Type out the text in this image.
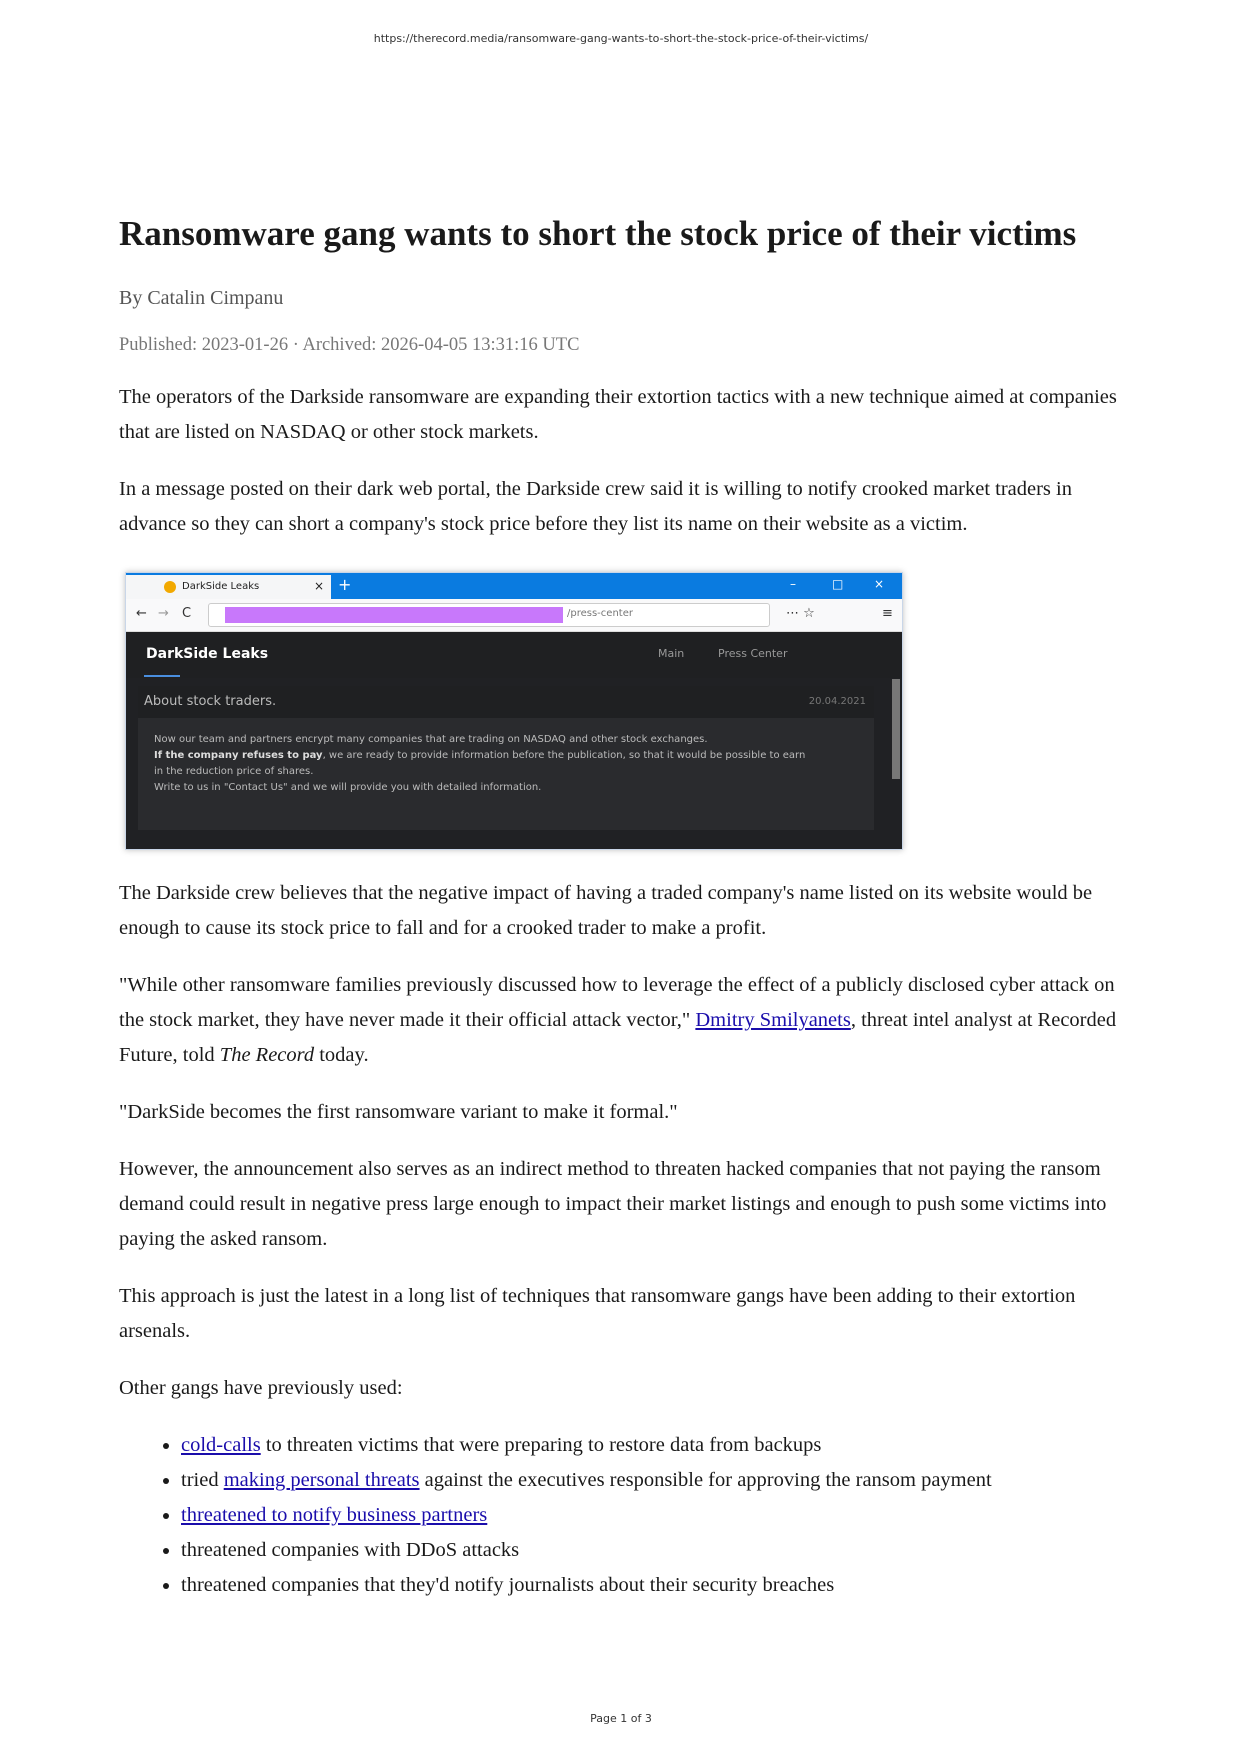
https://therecord.media/ransomware-gang-wants-to-short-the-stock-price-of-their-victims/
Ransomware gang wants to short the stock price of their victims
By Catalin Cimpanu
Published: 2023-01-26 · Archived: 2026-04-05 13:31:16 UTC

The operators of the Darkside ransomware are expanding their extortion tactics with a new technique aimed at companies that are listed on NASDAQ or other stock markets.

In a message posted on their dark web portal, the Darkside crew said it is willing to notify crooked market traders in advance so they can short a company's stock price before they list its name on their website as a victim.

DarkSide Leaks	× +	–	□	×
← → C	/press-center	⋯ ☆	≡
DarkSide Leaks	Main	Press Center
About stock traders.	20.04.2021
Now our team and partners encrypt many companies that are trading on NASDAQ and other stock exchanges.
If the company refuses to pay, we are ready to provide information before the publication, so that it would be possible to earn
in the reduction price of shares.
Write to us in "Contact Us" and we will provide you with detailed information.

The Darkside crew believes that the negative impact of having a traded company's name listed on its website would be enough to cause its stock price to fall and for a crooked trader to make a profit.

"While other ransomware families previously discussed how to leverage the effect of a publicly disclosed cyber attack on the stock market, they have never made it their official attack vector," Dmitry Smilyanets, threat intel analyst at Recorded Future, told The Record today.

"DarkSide becomes the first ransomware variant to make it formal."

However, the announcement also serves as an indirect method to threaten hacked companies that not paying the ransom demand could result in negative press large enough to impact their market listings and enough to push some victims into paying the asked ransom.

This approach is just the latest in a long list of techniques that ransomware gangs have been adding to their extortion arsenals.

Other gangs have previously used:

• cold-calls to threaten victims that were preparing to restore data from backups
• tried making personal threats against the executives responsible for approving the ransom payment
• threatened to notify business partners
• threatened companies with DDoS attacks
• threatened companies that they'd notify journalists about their security breaches
Page 1 of 3
